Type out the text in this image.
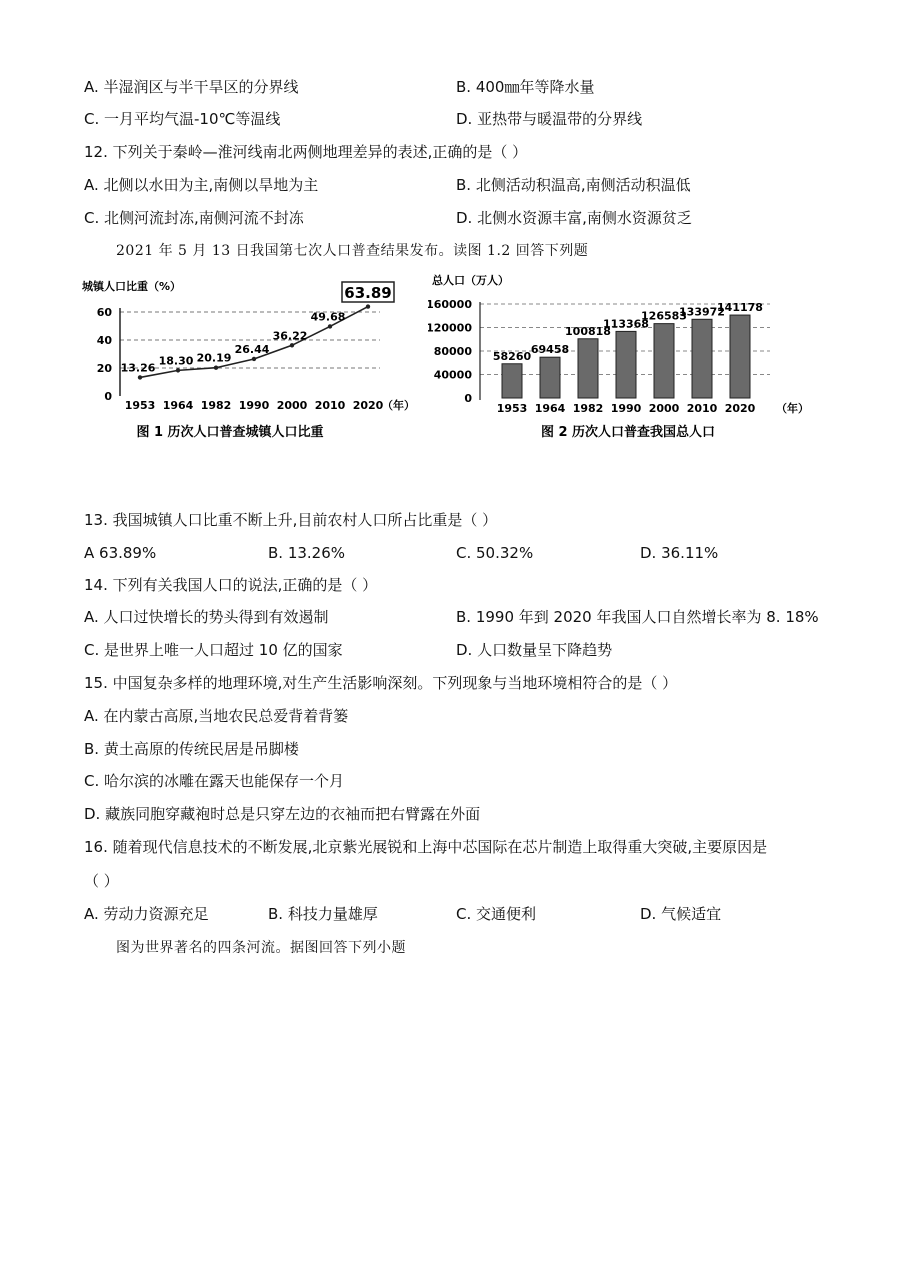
A. 半湿润区与半干旱区的分界线	B. 400㎜年等降水量
C. 一月平均气温-10℃等温线	D. 亚热带与暖温带的分界线
12. 下列关于秦岭—淮河线南北两侧地理差异的表述,正确的是（ ）
A. 北侧以水田为主,南侧以旱地为主	B. 北侧活动积温高,南侧活动积温低
C. 北侧河流封冻,南侧河流不封冻	D. 北侧水资源丰富,南侧水资源贫乏
2021 年 5 月 13 日我国第七次人口普查结果发布。读图 1.2 回答下列题
城镇人口比重（%）
60
40
20
0
13.26
18.30 20.19
26.44
36.22
49.68
1953 1964 1982 1990 2000 2010 2020
（年）
63.89
图 1 历次人口普查城镇人口比重
总人口（万人）
160000
120000
80000
40000
0
58260
69458
100818
113368
126583
133972
141178
1953 1964 1982 1990 2000 2010 2020 （年）
图 2 历次人口普查我国总人口
13. 我国城镇人口比重不断上升,目前农村人口所占比重是（ ）
A 63.89%	B. 13.26%	C. 50.32%	D. 36.11%
14. 下列有关我国人口的说法,正确的是（ ）
A. 人口过快增长的势头得到有效遏制	B. 1990 年到 2020 年我国人口自然增长率为 8. 18%
C. 是世界上唯一人口超过 10 亿的国家	D. 人口数量呈下降趋势
15. 中国复杂多样的地理环境,对生产生活影响深刻。下列现象与当地环境相符合的是（ ）
A. 在内蒙古高原,当地农民总爱背着背篓
B. 黄土高原的传统民居是吊脚楼
C. 哈尔滨的冰雕在露天也能保存一个月
D. 藏族同胞穿藏袍时总是只穿左边的衣袖而把右臂露在外面
16. 随着现代信息技术的不断发展,北京紫光展锐和上海中芯国际在芯片制造上取得重大突破,主要原因是
（ ）
A. 劳动力资源充足	B. 科技力量雄厚	C. 交通便利	D. 气候适宜
图为世界著名的四条河流。据图回答下列小题
